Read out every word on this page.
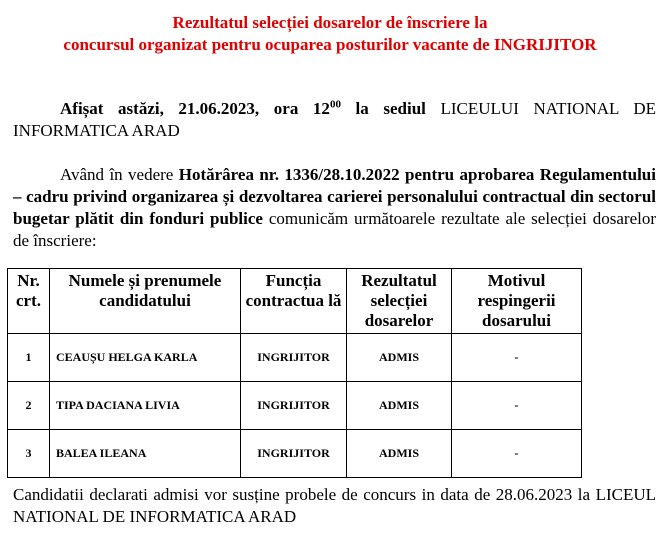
Rezultatul selecției dosarelor de înscriere la
concursul organizat pentru ocuparea posturilor vacante de INGRIJITOR
Afișat astăzi, 21.06.2023, ora $12^{00}$ la sediul LICEULUI NATIONAL DE INFORMATICA ARAD
Având în vedere Hotărârea nr. 1336/28.10.2022 pentru aprobarea Regulamentului – cadru privind organizarea și dezvoltarea carierei personalului contractual din sectorul bugetar plătit din fonduri publice comunicăm următoarele rezultate ale selecției dosarelor de înscriere:
Nr. crt.	Numele și prenumele candidatului	Funcția contractua lă	Rezultatul selecției dosarelor	Motivul respingerii dosarului
1	CEAUȘU HELGA KARLA	INGRIJITOR	ADMIS	-
2	TIPA DACIANA LIVIA	INGRIJITOR	ADMIS	-
3	BALEA ILEANA	INGRIJITOR	ADMIS	-
Candidatii declarati admisi vor susține probele de concurs in data de 28.06.2023 la LICEUL NATIONAL DE INFORMATICA ARAD
